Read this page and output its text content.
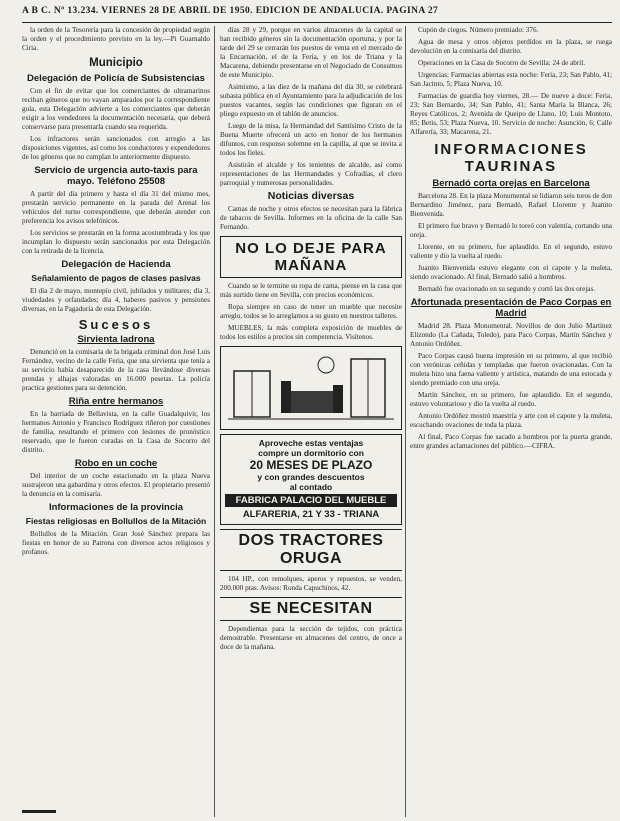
A B C. Nº 13.234. VIERNES 28 DE ABRIL DE 1950. EDICION DE ANDALUCIA. PAGINA 27

la orden de la Tesorería para la concesión de propiedad según la orden y el procedimiento previsto en la ley.—Pi Guarnaldo Ciria.

Municipio
Delegación de Policía de Subsistencias

Con el fin de evitar que los comerciantes de ultramarinos reciban géneros que no vayan amparados por la correspondiente guía, esta Delegación advierte a los comerciantes que deberán exigir a los vendedores la documentación necesaria, que deberá conservarse para presentarla cuando sea requerida.

Los infractores serán sancionados con arreglo a las disposiciones vigentes, así como los conductores y expendedores de los géneros que no cumplan lo anteriormente dispuesto.

Servicio de urgencia auto-taxis para mayo. Teléfono 25508

A partir del día primero y hasta el día 31 del mismo mes, prestarán servicio permanente en la parada del Arenal los vehículos del turno correspondiente, que deberán atender con preferencia los avisos telefónicos.

Los servicios se prestarán en la forma acostumbrada y los que incumplan lo dispuesto serán sancionados por esta Delegación con la retirada de la licencia.

Delegación de Hacienda
Señalamiento de pagos de clases pasivas

El día 2 de mayo, montepío civil, jubilados y militares; día 3, viudedades y orfandades; día 4, haberes pasivos y pensiones diversas, en la Pagaduría de esta Delegación.

Sucesos
Sirvienta ladrona

Denunció en la comisaría de la brigada criminal don José Luis Fernández, vecino de la calle Feria, que una sirvienta que tenía a su servicio había desaparecido de la casa llevándose diversas prendas y alhajas valoradas en 16.000 pesetas. La policía practica gestiones para su detención.

Riña entre hermanos

En la barriada de Bellavista, en la calle Guadalquivir, los hermanos Antonio y Francisco Rodríguez riñeron por cuestiones de familia, resultando el primero con lesiones de pronóstico reservado, que le fueron curadas en la Casa de Socorro del distrito.

Robo en un coche

Del interior de un coche estacionado en la plaza Nueva sustrajeron una gabardina y otros efectos. El propietario presentó la denuncia en la comisaría.

Informaciones de la provincia
Fiestas religiosas en Bollullos de la Mitación

Bollullos de la Mitación. Gran José Sánchez prepara las fiestas en honor de su Patrona con diversos actos religiosos y profanos.

días 28 y 29, porque en varios almacenes de la capital se han recibido géneros sin la documentación oportuna, y por la tarde del 29 se cerrarán los puestos de venta en el mercado de la Encarnación, el de la Feria, y en los de Triana y la Macarena, debiendo presentarse en el Negociado de Consumos de este Municipio.

Asimismo, a las diez de la mañana del día 30, se celebrará subasta pública en el Ayuntamiento para la adjudicación de los puestos vacantes, según las condiciones que figuran en el pliego expuesto en el tablón de anuncios.

Luego de la misa, la Hermandad del Santísimo Cristo de la Buena Muerte ofrecerá un acto en honor de los hermanos difuntos, con responso solemne en la capilla, al que se invita a todos los fieles.

Asistirán el alcalde y los tenientes de alcalde, así como representaciones de las Hermandades y Cofradías, el clero parroquial y numerosas personalidades.

Noticias diversas

Camas de noche y otros efectos se necesitan para la fábrica de tabacos de Sevilla. Informes en la oficina de la calle San Fernando.

NO LO DEJE PARA MAÑANA

Cuando se le termine su ropa de cama, piense en la casa que más surtido tiene en Sevilla, con precios económicos.

Ropa siempre en caso de tener un mueble que necesite arreglo, todos se lo arreglamos a su gusto en nuestros talleres.

MUEBLES, la más completa exposición de muebles de todos los estilos a precios sin competencia. Visítenos.

Aproveche estas ventajas
compre un dormitorio con
20 MESES DE PLAZO
y con grandes descuentos
al contado
FABRICA PALACIO DEL MUEBLE
ALFARERIA, 21 Y 33 - TRIANA
DOS TRACTORES ORUGA

104 HP., con remolques, aperos y repuestos, se venden, 200.000 ptas. Avisos: Ronda Capuchinos, 42.

SE NECESITAN

Dependientas para la sección de tejidos, con práctica demostrable. Presentarse en almacenes del centro, de once a doce de la mañana.

Cupón de ciegos. Número premiado: 376.

Agua de mesa y otros objetos perdidos en la plaza, se ruega devolución en la comisaría del distrito.

Operaciones en la Casa de Socorro de Sevilla: 24 de abril.

Urgencias: Farmacias abiertas esta noche: Feria, 23; San Pablo, 41; San Jacinto, 5; Plaza Nueva, 10.

Farmacias de guardia hoy viernes, 28.— De nueve a doce: Feria, 23; San Bernardo, 34; San Pablo, 41; Santa María la Blanca, 26; Reyes Católicos, 2; Avenida de Queipo de Llano, 10; Luis Montoto, 85; Betis, 53; Plaza Nueva, 10. Servicio de noche: Asunción, 6; Calle Alfarería, 33; Macarena, 21.

INFORMACIONES TAURINAS
Bernadó corta orejas en Barcelona

Barcelona 28. En la plaza Monumental se lidiaron seis toros de don Bernardino Jiménez, para Bernadó, Rafael Llorente y Juanito Bienvenida.

El primero fue bravo y Bernadó lo toreó con valentía, cortando una oreja.

Llorente, en su primero, fue aplaudido. En el segundo, estuvo valiente y dio la vuelta al ruedo.

Juanito Bienvenida estuvo elegante con el capote y la muleta, siendo ovacionado. Al final, Bernadó salió a hombros.

Bernadó fue ovacionado en su segundo y cortó las dos orejas.

Afortunada presentación de Paco Corpas en Madrid

Madrid 28. Plaza Monumental. Novillos de don Julio Martínez Elizondo (La Cañada, Toledo), para Paco Corpas, Martín Sánchez y Antonio Ordóñez.

Paco Corpas causó buena impresión en su primero, al que recibió con verónicas ceñidas y templadas que fueron ovacionadas. Con la muleta hizo una faena valiente y artística, matando de una estocada y siendo premiado con una oreja.

Martín Sánchez, en su primero, fue aplaudido. En el segundo, estuvo voluntarioso y dio la vuelta al ruedo.

Antonio Ordóñez mostró maestría y arte con el capote y la muleta, escuchando ovaciones de toda la plaza.

Al final, Paco Corpas fue sacado a hombros por la puerta grande, entre grandes aclamaciones del público.—CIFRA.
